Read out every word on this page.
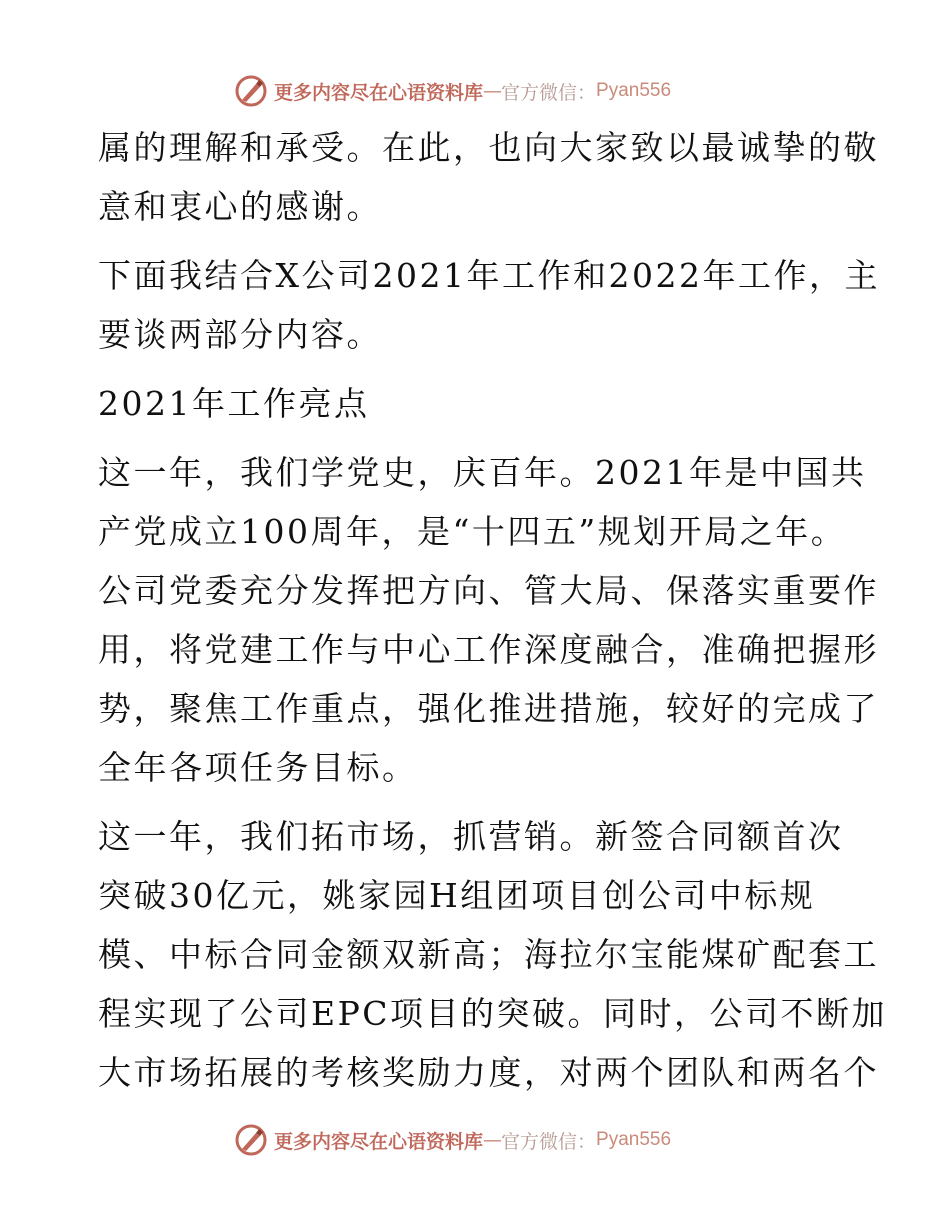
更多内容尽在心语资料库 — 官方微信： Pyan556

属的理解和承受。在此，也向大家致以最诚挚的敬
意和衷心的感谢。

下面我结合X公司2021年工作和2022年工作，主
要谈两部分内容。

2021年工作亮点

这一年，我们学党史，庆百年。2021年是中国共
产党成立100周年，是“十四五”规划开局之年。
公司党委充分发挥把方向、管大局、保落实重要作
用，将党建工作与中心工作深度融合，准确把握形
势，聚焦工作重点，强化推进措施，较好的完成了
全年各项任务目标。

这一年，我们拓市场，抓营销。新签合同额首次
突破30亿元，姚家园H组团项目创公司中标规
模、中标合同金额双新高；海拉尔宝能煤矿配套工
程实现了公司EPC项目的突破。同时，公司不断加
大市场拓展的考核奖励力度，对两个团队和两名个

更多内容尽在心语资料库 — 官方微信： Pyan556
